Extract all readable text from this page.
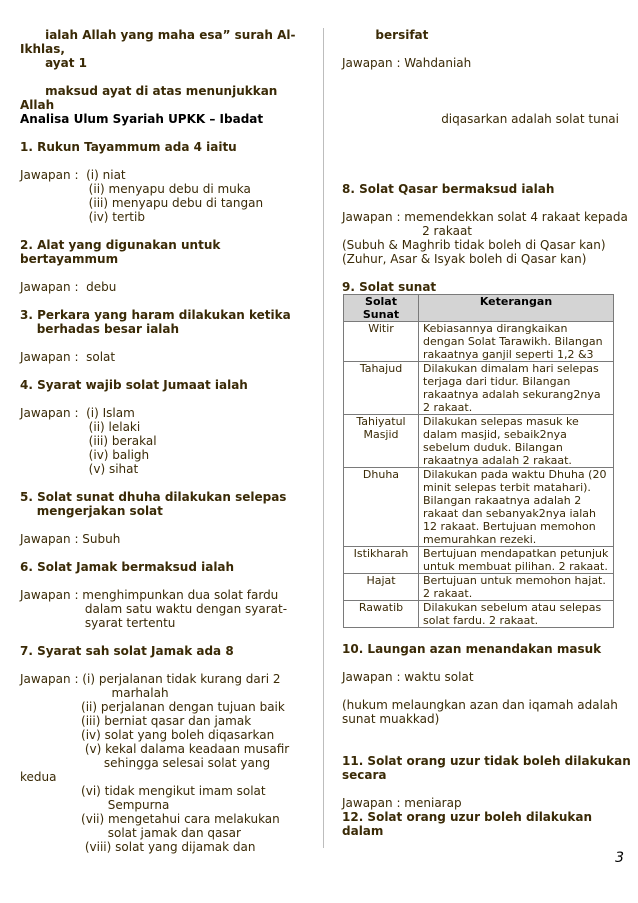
ialah Allah yang maha esa” surah Al-
Ikhlas,
ayat 1
maksud ayat di atas menunjukkan
Allah
Analisa Ulum Syariah UPKK – Ibadat
1. Rukun Tayammum ada 4 iaitu
Jawapan :  (i) niat
(ii) menyapu debu di muka
(iii) menyapu debu di tangan
(iv) tertib
2. Alat yang digunakan untuk
bertayammum
Jawapan :  debu
3. Perkara yang haram dilakukan ketika
berhadas besar ialah
Jawapan :  solat
4. Syarat wajib solat Jumaat ialah
Jawapan :  (i) Islam
(ii) lelaki
(iii) berakal
(iv) baligh
(v) sihat
5. Solat sunat dhuha dilakukan selepas
mengerjakan solat
Jawapan : Subuh
6. Solat Jamak bermaksud ialah
Jawapan : menghimpunkan dua solat fardu
dalam satu waktu dengan syarat-
syarat tertentu
7. Syarat sah solat Jamak ada 8
Jawapan : (i) perjalanan tidak kurang dari 2
marhalah
(ii) perjalanan dengan tujuan baik
(iii) berniat qasar dan jamak
(iv) solat yang boleh diqasarkan
(v) kekal dalama keadaan musafir
sehingga selesai solat yang
kedua
(vi) tidak mengikut imam solat
Sempurna
(vii) mengetahui cara melakukan
solat jamak dan qasar
(viii) solat yang dijamak dan
bersifat
Jawapan : Wahdaniah
diqasarkan adalah solat tunai
8. Solat Qasar bermaksud ialah
Jawapan : memendekkan solat 4 rakaat kepada
2 rakaat
(Subuh & Maghrib tidak boleh di Qasar kan)
(Zuhur, Asar & Isyak boleh di Qasar kan)
9. Solat sunat
Solat Sunat	Keterangan
Witir	Kebiasannya dirangkaikan dengan Solat Tarawikh. Bilangan rakaatnya ganjil seperti 1,2 &3
Tahajud	Dilakukan dimalam hari selepas terjaga dari tidur. Bilangan rakaatnya adalah sekurang2nya 2 rakaat.
Tahiyatul Masjid	Dilakukan selepas masuk ke dalam masjid, sebaik2nya sebelum duduk. Bilangan rakaatnya adalah 2 rakaat.
Dhuha	Dilakukan pada waktu Dhuha (20 minit selepas terbit matahari). Bilangan rakaatnya adalah 2 rakaat dan sebanyak2nya ialah 12 rakaat. Bertujuan memohon memurahkan rezeki.
Istikharah	Bertujuan mendapatkan petunjuk untuk membuat pilihan. 2 rakaat.
Hajat	Bertujuan untuk memohon hajat. 2 rakaat.
Rawatib	Dilakukan sebelum atau selepas solat fardu. 2 rakaat.
10. Laungan azan menandakan masuk
Jawapan : waktu solat
(hukum melaungkan azan dan iqamah adalah
sunat muakkad)
11. Solat orang uzur tidak boleh dilakukan
secara
Jawapan : meniarap
12. Solat orang uzur boleh dilakukan
dalam
3
